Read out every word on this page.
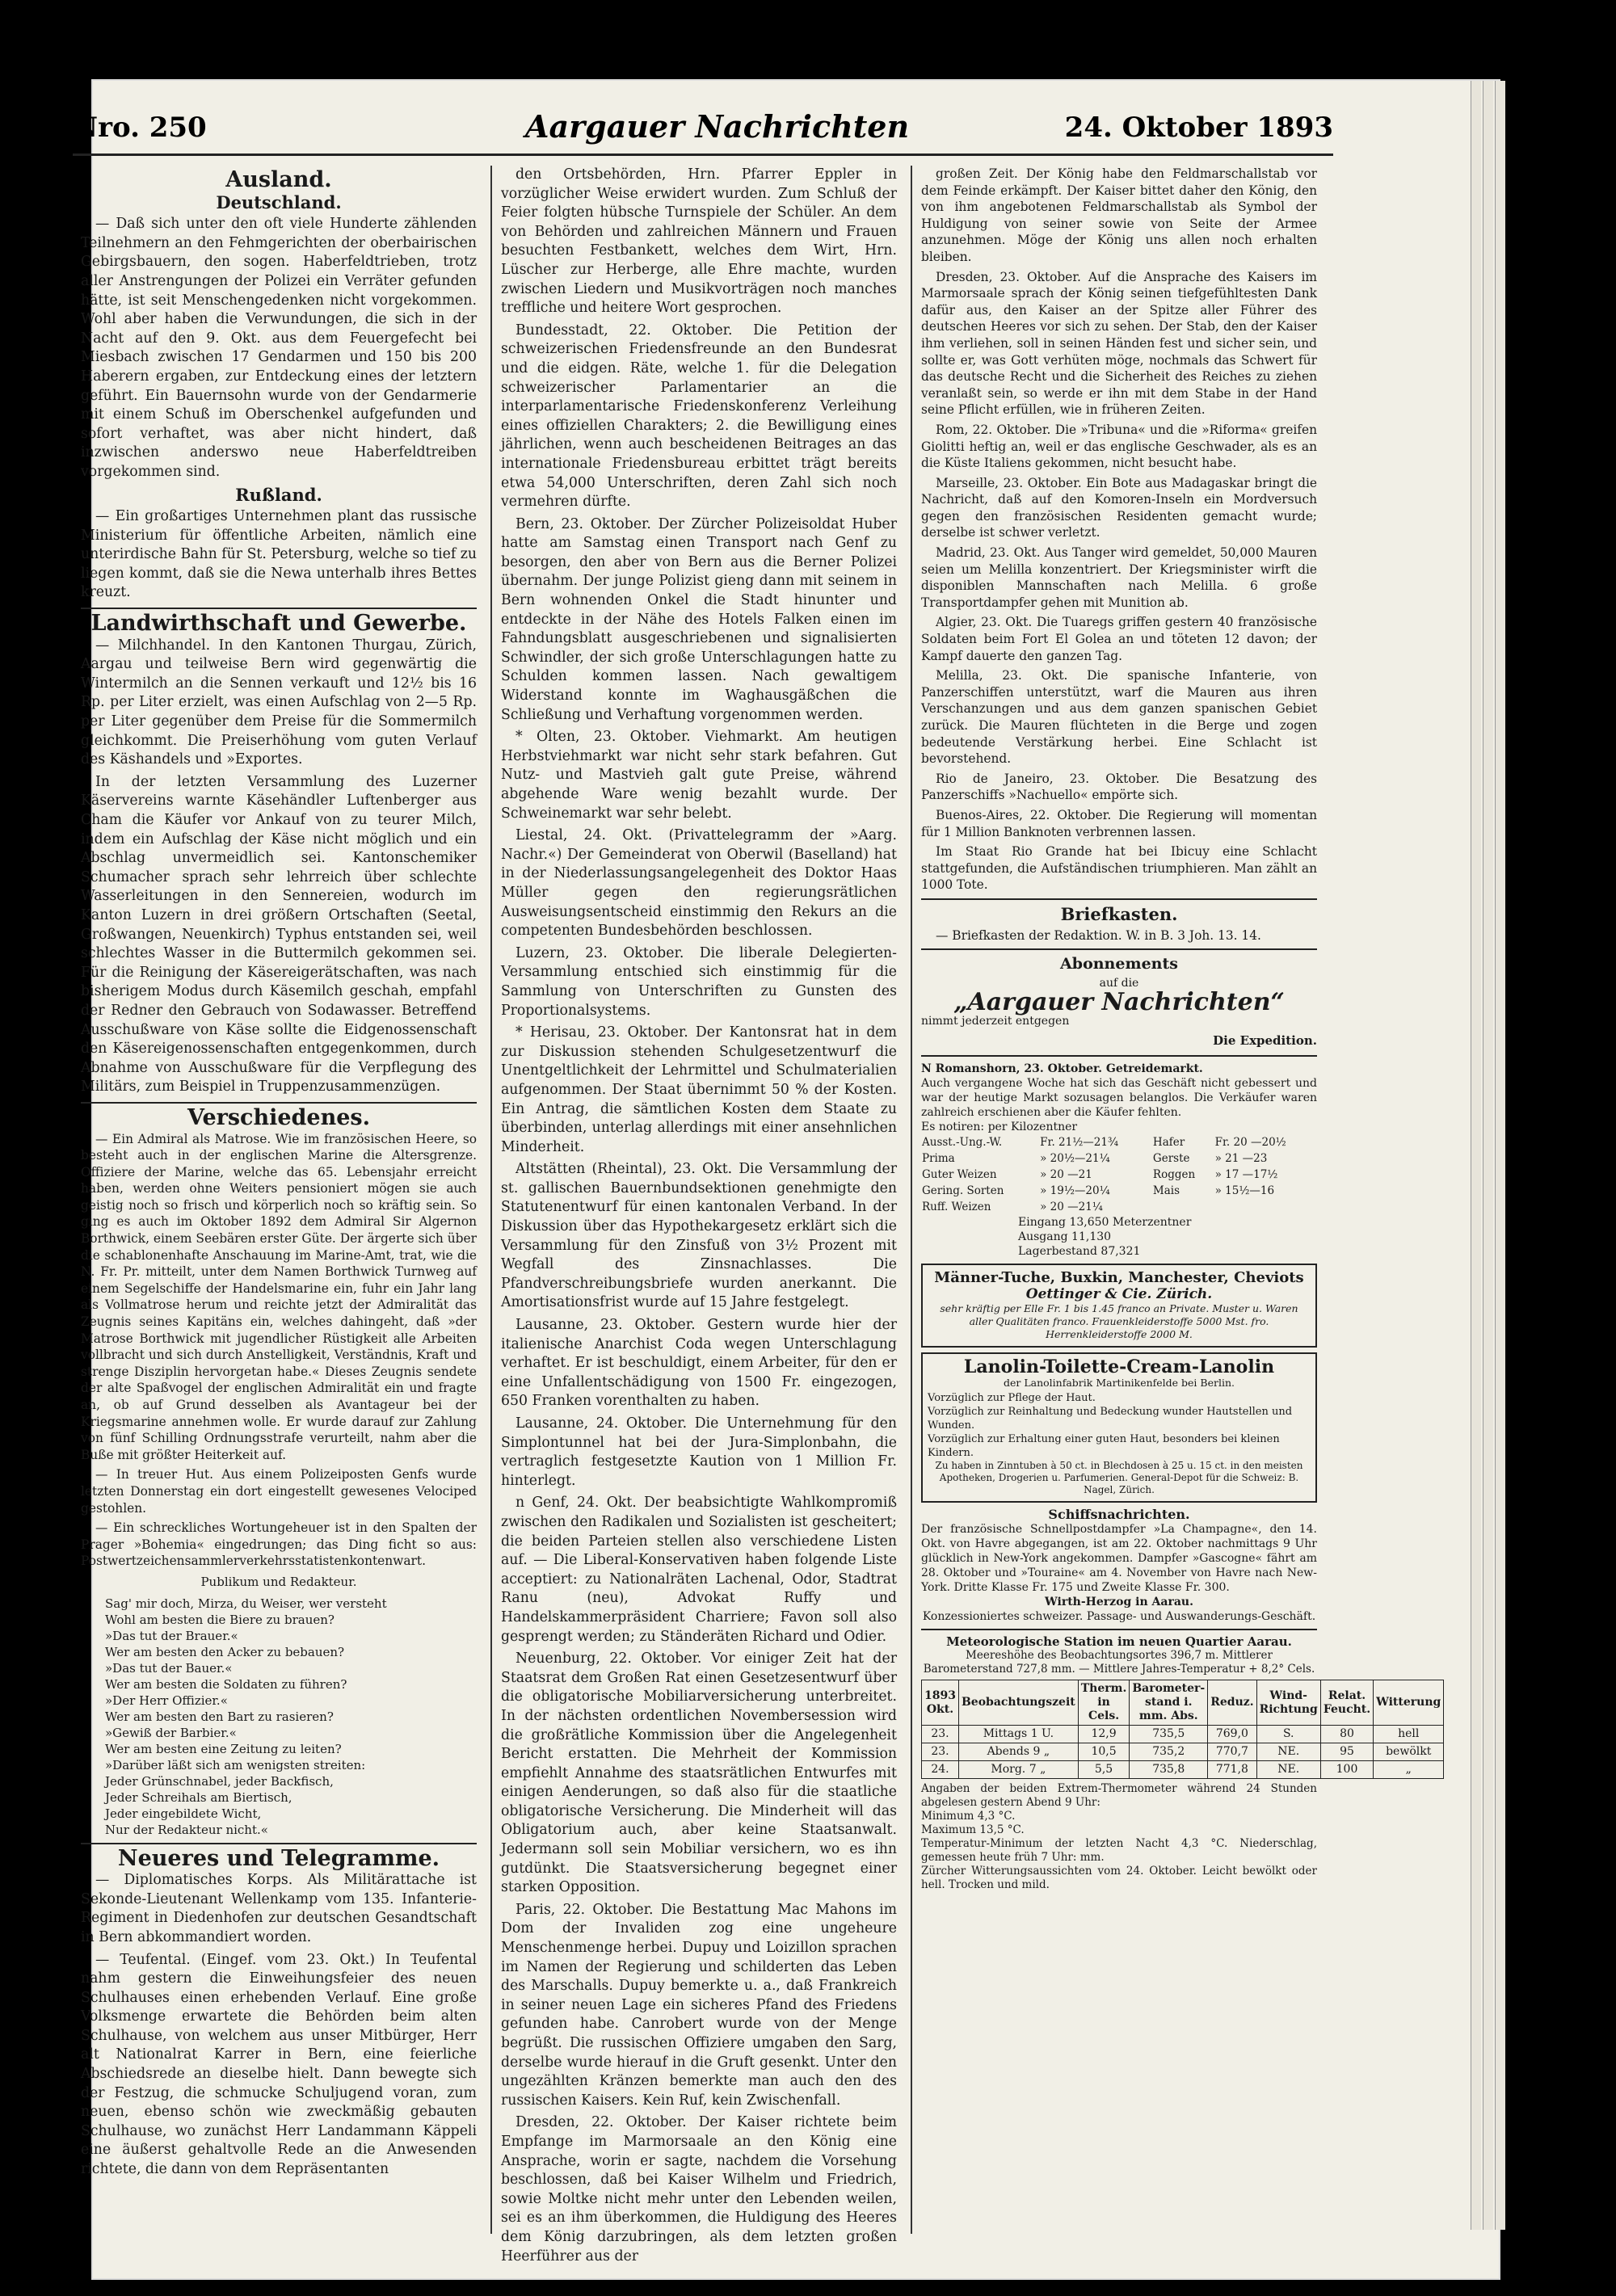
Nro. 250	Aargauer Nachrichten	24. Oktober 1893
Ausland.
Deutschland.

— Daß sich unter den oft viele Hunderte zählenden Teilnehmern an den Fehmgerichten der oberbairischen Gebirgsbauern, den sogen. Haberfeldtrieben, trotz aller Anstrengungen der Polizei ein Verräter gefunden hätte, ist seit Menschengedenken nicht vorgekommen. Wohl aber haben die Verwundungen, die sich in der Nacht auf den 9. Okt. aus dem Feuergefecht bei Miesbach zwischen 17 Gendarmen und 150 bis 200 Haberern ergaben, zur Entdeckung eines der letztern geführt. Ein Bauernsohn wurde von der Gendarmerie mit einem Schuß im Oberschenkel aufgefunden und sofort verhaftet, was aber nicht hindert, daß inzwischen anderswo neue Haberfeldtreiben vorgekommen sind.

Rußland.

— Ein großartiges Unternehmen plant das russische Ministerium für öffentliche Arbeiten, nämlich eine unterirdische Bahn für St. Petersburg, welche so tief zu liegen kommt, daß sie die Newa unterhalb ihres Bettes kreuzt.

Landwirthschaft und Gewerbe.

— Milchhandel. In den Kantonen Thurgau, Zürich, Aargau und teilweise Bern wird gegenwärtig die Wintermilch an die Sennen verkauft und 12½ bis 16 Rp. per Liter erzielt, was einen Aufschlag von 2—5 Rp. per Liter gegenüber dem Preise für die Sommermilch gleichkommt. Die Preiserhöhung vom guten Verlauf des Käshandels und »Exportes.

In der letzten Versammlung des Luzerner Käservereins warnte Käsehändler Luftenberger aus Cham die Käufer vor Ankauf von zu teurer Milch, indem ein Aufschlag der Käse nicht möglich und ein Abschlag unvermeidlich sei. Kantonschemiker Schumacher sprach sehr lehrreich über schlechte Wasserleitungen in den Sennereien, wodurch im Kanton Luzern in drei größern Ortschaften (Seetal, Großwangen, Neuenkirch) Typhus entstanden sei, weil schlechtes Wasser in die Buttermilch gekommen sei. Für die Reinigung der Käsereigerätschaften, was nach bisherigem Modus durch Käsemilch geschah, empfahl der Redner den Gebrauch von Sodawasser. Betreffend Ausschußware von Käse sollte die Eidgenossenschaft den Käsereigenossenschaften entgegenkommen, durch Abnahme von Ausschußware für die Verpflegung des Militärs, zum Beispiel in Truppenzusammenzügen.

Verschiedenes.

— Ein Admiral als Matrose. Wie im französischen Heere, so besteht auch in der englischen Marine die Altersgrenze. Offiziere der Marine, welche das 65. Lebensjahr erreicht haben, werden ohne Weiters pensioniert mögen sie auch geistig noch so frisch und körperlich noch so kräftig sein. So ging es auch im Oktober 1892 dem Admiral Sir Algernon Borthwick, einem Seebären erster Güte. Der ärgerte sich über die schablonenhafte Anschauung im Marine-Amt, trat, wie die N. Fr. Pr. mitteilt, unter dem Namen Borthwick Turnweg auf einem Segelschiffe der Handelsmarine ein, fuhr ein Jahr lang als Vollmatrose herum und reichte jetzt der Admiralität das Zeugnis seines Kapitäns ein, welches dahingeht, daß »der Matrose Borthwick mit jugendlicher Rüstigkeit alle Arbeiten vollbracht und sich durch Anstelligkeit, Verständnis, Kraft und strenge Disziplin hervorgetan habe.« Dieses Zeugnis sendete der alte Spaßvogel der englischen Admiralität ein und fragte an, ob auf Grund desselben als Avantageur bei der Kriegsmarine annehmen wolle. Er wurde darauf zur Zahlung von fünf Schilling Ordnungsstrafe verurteilt, nahm aber die Buße mit größter Heiterkeit auf.

— In treuer Hut. Aus einem Polizeiposten Genfs wurde letzten Donnerstag ein dort eingestellt gewesenes Velociped gestohlen.

— Ein schreckliches Wortungeheuer ist in den Spalten der Prager »Bohemia« eingedrungen; das Ding ficht so aus: Postwertzeichensammlerverkehrsstatistenkontenwart.

Publikum und Redakteur.
Sag' mir doch, Mirza, du Weiser, wer versteht
Wohl am besten die Biere zu brauen?
»Das tut der Brauer.«
Wer am besten den Acker zu bebauen?
»Das tut der Bauer.«
Wer am besten die Soldaten zu führen?
»Der Herr Offizier.«
Wer am besten den Bart zu rasieren?
»Gewiß der Barbier.«
Wer am besten eine Zeitung zu leiten?
»Darüber läßt sich am wenigsten streiten:
Jeder Grünschnabel, jeder Backfisch,
Jeder Schreihals am Biertisch,
Jeder eingebildete Wicht,
Nur der Redakteur nicht.«
Neueres und Telegramme.

— Diplomatisches Korps. Als Militärattache ist Sekonde-Lieutenant Wellenkamp vom 135. Infanterie-Regiment in Diedenhofen zur deutschen Gesandtschaft in Bern abkommandiert worden.

— Teufental. (Eingef. vom 23. Okt.) In Teufental nahm gestern die Einweihungsfeier des neuen Schulhauses einen erhebenden Verlauf. Eine große Volksmenge erwartete die Behörden beim alten Schulhause, von welchem aus unser Mitbürger, Herr alt Nationalrat Karrer in Bern, eine feierliche Abschiedsrede an dieselbe hielt. Dann bewegte sich der Festzug, die schmucke Schuljugend voran, zum neuen, ebenso schön wie zweckmäßig gebauten Schulhause, wo zunächst Herr Landammann Käppeli eine äußerst gehaltvolle Rede an die Anwesenden richtete, die dann von dem Repräsentanten

den Ortsbehörden, Hrn. Pfarrer Eppler in vorzüglicher Weise erwidert wurden. Zum Schluß der Feier folgten hübsche Turnspiele der Schüler. An dem von Behörden und zahlreichen Männern und Frauen besuchten Festbankett, welches dem Wirt, Hrn. Lüscher zur Herberge, alle Ehre machte, wurden zwischen Liedern und Musikvorträgen noch manches treffliche und heitere Wort gesprochen.

Bundesstadt, 22. Oktober. Die Petition der schweizerischen Friedensfreunde an den Bundesrat und die eidgen. Räte, welche 1. für die Delegation schweizerischer Parlamentarier an die interparlamentarische Friedenskonferenz Verleihung eines offiziellen Charakters; 2. die Bewilligung eines jährlichen, wenn auch bescheidenen Beitrages an das internationale Friedensbureau erbittet trägt bereits etwa 54,000 Unterschriften, deren Zahl sich noch vermehren dürfte.

Bern, 23. Oktober. Der Zürcher Polizeisoldat Huber hatte am Samstag einen Transport nach Genf zu besorgen, den aber von Bern aus die Berner Polizei übernahm. Der junge Polizist gieng dann mit seinem in Bern wohnenden Onkel die Stadt hinunter und entdeckte in der Nähe des Hotels Falken einen im Fahndungsblatt ausgeschriebenen und signalisierten Schwindler, der sich große Unterschlagungen hatte zu Schulden kommen lassen. Nach gewaltigem Widerstand konnte im Waghausgäßchen die Schließung und Verhaftung vorgenommen werden.

* Olten, 23. Oktober. Viehmarkt. Am heutigen Herbstviehmarkt war nicht sehr stark befahren. Gut Nutz- und Mastvieh galt gute Preise, während abgehende Ware wenig bezahlt wurde. Der Schweinemarkt war sehr belebt.

Liestal, 24. Okt. (Privattelegramm der »Aarg. Nachr.«) Der Gemeinderat von Oberwil (Baselland) hat in der Niederlassungsangelegenheit des Doktor Haas Müller gegen den regierungsrätlichen Ausweisungsentscheid einstimmig den Rekurs an die competenten Bundesbehörden beschlossen.

Luzern, 23. Oktober. Die liberale Delegierten-Versammlung entschied sich einstimmig für die Sammlung von Unterschriften zu Gunsten des Proportionalsystems.

* Herisau, 23. Oktober. Der Kantonsrat hat in dem zur Diskussion stehenden Schulgesetzentwurf die Unentgeltlichkeit der Lehrmittel und Schulmaterialien aufgenommen. Der Staat übernimmt 50 % der Kosten. Ein Antrag, die sämtlichen Kosten dem Staate zu überbinden, unterlag allerdings mit einer ansehnlichen Minderheit.

Altstätten (Rheintal), 23. Okt. Die Versammlung der st. gallischen Bauernbundsektionen genehmigte den Statutenentwurf für einen kantonalen Verband. In der Diskussion über das Hypothekargesetz erklärt sich die Versammlung für den Zinsfuß von 3½ Prozent mit Wegfall des Zinsnachlasses. Die Pfandverschreibungsbriefe wurden anerkannt. Die Amortisationsfrist wurde auf 15 Jahre festgelegt.

Lausanne, 23. Oktober. Gestern wurde hier der italienische Anarchist Coda wegen Unterschlagung verhaftet. Er ist beschuldigt, einem Arbeiter, für den er eine Unfallentschädigung von 1500 Fr. eingezogen, 650 Franken vorenthalten zu haben.

Lausanne, 24. Oktober. Die Unternehmung für den Simplontunnel hat bei der Jura-Simplonbahn, die vertraglich festgesetzte Kaution von 1 Million Fr. hinterlegt.

n Genf, 24. Okt. Der beabsichtigte Wahlkompromiß zwischen den Radikalen und Sozialisten ist gescheitert; die beiden Parteien stellen also verschiedene Listen auf. — Die Liberal-Konservativen haben folgende Liste acceptiert: zu Nationalräten Lachenal, Odor, Stadtrat Ranu (neu), Advokat Ruffy und Handelskammerpräsident Charriere; Favon soll also gesprengt werden; zu Ständeräten Richard und Odier.

Neuenburg, 22. Oktober. Vor einiger Zeit hat der Staatsrat dem Großen Rat einen Gesetzesentwurf über die obligatorische Mobiliarversicherung unterbreitet. In der nächsten ordentlichen Novembersession wird die großrätliche Kommission über die Angelegenheit Bericht erstatten. Die Mehrheit der Kommission empfiehlt Annahme des staatsrätlichen Entwurfes mit einigen Aenderungen, so daß also für die staatliche obligatorische Versicherung. Die Minderheit will das Obligatorium auch, aber keine Staatsanwalt. Jedermann soll sein Mobiliar versichern, wo es ihn gutdünkt. Die Staatsversicherung begegnet einer starken Opposition.

Paris, 22. Oktober. Die Bestattung Mac Mahons im Dom der Invaliden zog eine ungeheure Menschenmenge herbei. Dupuy und Loizillon sprachen im Namen der Regierung und schilderten das Leben des Marschalls. Dupuy bemerkte u. a., daß Frankreich in seiner neuen Lage ein sicheres Pfand des Friedens gefunden habe. Canrobert wurde von der Menge begrüßt. Die russischen Offiziere umgaben den Sarg, derselbe wurde hierauf in die Gruft gesenkt. Unter den ungezählten Kränzen bemerkte man auch den des russischen Kaisers. Kein Ruf, kein Zwischenfall.

Dresden, 22. Oktober. Der Kaiser richtete beim Empfange im Marmorsaale an den König eine Ansprache, worin er sagte, nachdem die Vorsehung beschlossen, daß bei Kaiser Wilhelm und Friedrich, sowie Moltke nicht mehr unter den Lebenden weilen, sei es an ihm überkommen, die Huldigung des Heeres dem König darzubringen, als dem letzten großen Heerführer aus der

großen Zeit. Der König habe den Feldmarschallstab vor dem Feinde erkämpft. Der Kaiser bittet daher den König, den von ihm angebotenen Feldmarschallstab als Symbol der Huldigung von seiner sowie von Seite der Armee anzunehmen. Möge der König uns allen noch erhalten bleiben.

Dresden, 23. Oktober. Auf die Ansprache des Kaisers im Marmorsaale sprach der König seinen tiefgefühltesten Dank dafür aus, den Kaiser an der Spitze aller Führer des deutschen Heeres vor sich zu sehen. Der Stab, den der Kaiser ihm verliehen, soll in seinen Händen fest und sicher sein, und sollte er, was Gott verhüten möge, nochmals das Schwert für das deutsche Recht und die Sicherheit des Reiches zu ziehen veranlaßt sein, so werde er ihn mit dem Stabe in der Hand seine Pflicht erfüllen, wie in früheren Zeiten.

Rom, 22. Oktober. Die »Tribuna« und die »Riforma« greifen Giolitti heftig an, weil er das englische Geschwader, als es an die Küste Italiens gekommen, nicht besucht habe.

Marseille, 23. Oktober. Ein Bote aus Madagaskar bringt die Nachricht, daß auf den Komoren-Inseln ein Mordversuch gegen den französischen Residenten gemacht wurde; derselbe ist schwer verletzt.

Madrid, 23. Okt. Aus Tanger wird gemeldet, 50,000 Mauren seien um Melilla konzentriert. Der Kriegsminister wirft die disponiblen Mannschaften nach Melilla. 6 große Transportdampfer gehen mit Munition ab.

Algier, 23. Okt. Die Tuaregs griffen gestern 40 französische Soldaten beim Fort El Golea an und töteten 12 davon; der Kampf dauerte den ganzen Tag.

Melilla, 23. Okt. Die spanische Infanterie, von Panzerschiffen unterstützt, warf die Mauren aus ihren Verschanzungen und aus dem ganzen spanischen Gebiet zurück. Die Mauren flüchteten in die Berge und zogen bedeutende Verstärkung herbei. Eine Schlacht ist bevorstehend.

Rio de Janeiro, 23. Oktober. Die Besatzung des Panzerschiffs »Nachuello« empörte sich.

Buenos-Aires, 22. Oktober. Die Regierung will momentan für 1 Million Banknoten verbrennen lassen.

Im Staat Rio Grande hat bei Ibicuy eine Schlacht stattgefunden, die Aufständischen triumphieren. Man zählt an 1000 Tote.

Briefkasten.

— Briefkasten der Redaktion. W. in B. 3 Joh. 13. 14.

Abonnements
auf die
„Aargauer Nachrichten“
nimmt jederzeit entgegen
Die Expedition.
N Romanshorn, 23. Oktober. Getreidemarkt.
Auch vergangene Woche hat sich das Geschäft nicht gebessert und war der heutige Markt sozusagen belanglos. Die Verkäufer waren zahlreich erschienen aber die Käufer fehlten.
Es notiren: per Kilozentner
Ausst.-Ung.-W.	Fr. 21½—21¾	Hafer	Fr. 20 —20½
Prima	» 20½—21¼	Gerste	» 21 —23
Guter Weizen	» 20 —21	Roggen	» 17 —17½
Gering. Sorten	» 19½—20¼	Mais	» 15½—16
Ruff. Weizen	» 20 —21¼		
Eingang 13,650 Meterzentner
Ausgang 11,130
Lagerbestand 87,321
Männer-Tuche, Buxkin, Manchester, Cheviots
Oettinger & Cie. Zürich.
sehr kräftig per Elle Fr. 1 bis 1.45 franco an Private. Muster u. Waren aller Qualitäten franco. Frauenkleiderstoffe 5000 Mst. fro. Herrenkleiderstoffe 2000 M.
Lanolin-Toilette-Cream-Lanolin
der Lanolinfabrik Martinikenfelde bei Berlin.
Vorzüglich zur Pflege der Haut.
Vorzüglich zur Reinhaltung und Bedeckung wunder Hautstellen und Wunden.
Vorzüglich zur Erhaltung einer guten Haut, besonders bei kleinen Kindern.
Zu haben in Zinntuben à 50 ct. in Blechdosen à 25 u. 15 ct. in den meisten Apotheken, Drogerien u. Parfumerien. General-Depot für die Schweiz: B. Nagel, Zürich.
Schiffsnachrichten.
Der französische Schnellpostdampfer »La Champagne«, den 14. Okt. von Havre abgegangen, ist am 22. Oktober nachmittags 9 Uhr glücklich in New-York angekommen. Dampfer »Gascogne« fährt am 28. Oktober und »Touraine« am 4. November von Havre nach New-York. Dritte Klasse Fr. 175 und Zweite Klasse Fr. 300.
Wirth-Herzog in Aarau.
Konzessioniertes schweizer. Passage- und Auswanderungs-Geschäft.
Meteorologische Station im neuen Quartier Aarau.
Meereshöhe des Beobachtungsortes 396,7 m. Mittlerer Barometerstand 727,8 mm. — Mittlere Jahres-Temperatur + 8,2° Cels.
1893 Okt.	Beobachtungszeit	Therm. in Cels.	Barometer-stand i. mm. Abs.	Reduz.	Wind-Richtung	Relat. Feucht.	Witterung
23.	Mittags 1 U.	12,9	735,5	769,0	S.	80	hell
23.	Abends 9 „	10,5	735,2	770,7	NE.	95	bewölkt
24.	Morg. 7 „	5,5	735,8	771,8	NE.	100	„
Angaben der beiden Extrem-Thermometer während 24 Stunden abgelesen gestern Abend 9 Uhr:
Minimum 4,3 °C.
Maximum 13,5 °C.
Temperatur-Minimum der letzten Nacht 4,3 °C. Niederschlag, gemessen heute früh 7 Uhr: mm.
Zürcher Witterungsaussichten vom 24. Oktober. Leicht bewölkt oder hell. Trocken und mild.
